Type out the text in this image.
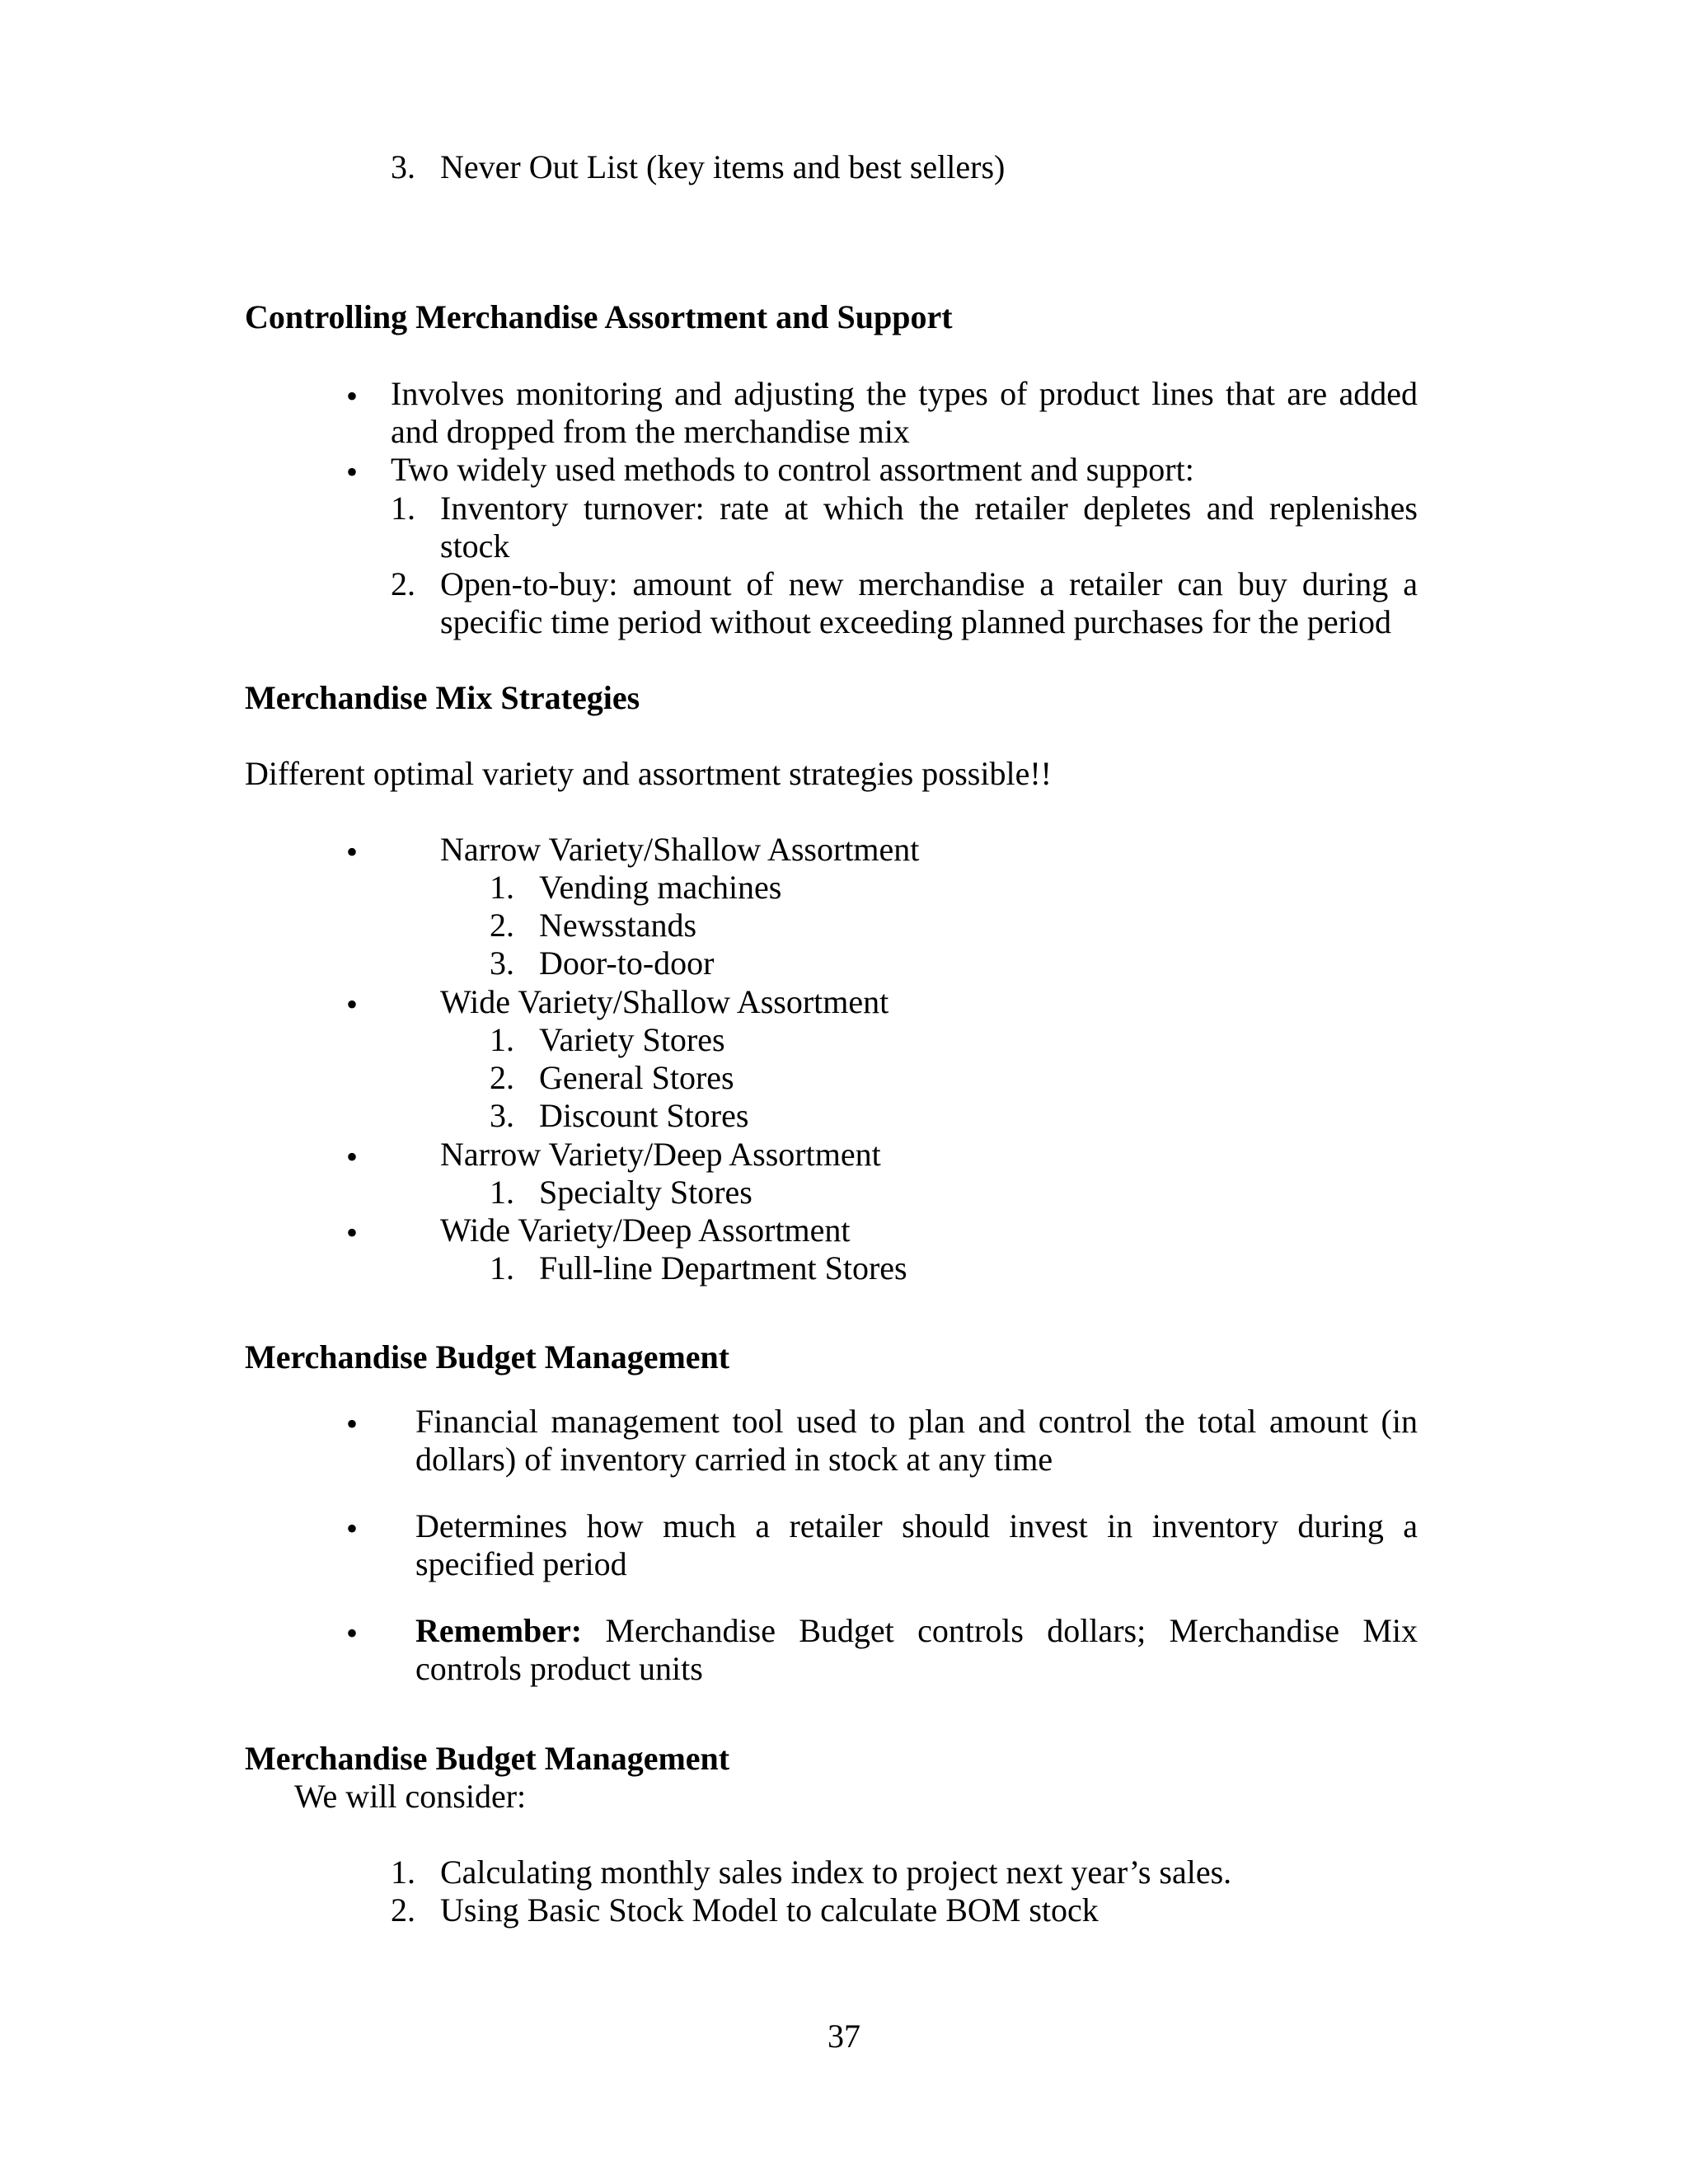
3. Never Out List (key items and best sellers)
Controlling Merchandise Assortment and Support
• Involves monitoring and adjusting the types of product lines that are added
and dropped from the merchandise mix
• Two widely used methods to control assortment and support:
1. Inventory turnover: rate at which the retailer depletes and replenishes
stock
2. Open-to-buy: amount of new merchandise a retailer can buy during a
specific time period without exceeding planned purchases for the period
Merchandise Mix Strategies
Different optimal variety and assortment strategies possible!!
• Narrow Variety/Shallow Assortment
1. Vending machines
2. Newsstands
3. Door-to-door
• Wide Variety/Shallow Assortment
1. Variety Stores
2. General Stores
3. Discount Stores
• Narrow Variety/Deep Assortment
1. Specialty Stores
• Wide Variety/Deep Assortment
1. Full-line Department Stores
Merchandise Budget Management
• Financial management tool used to plan and control the total amount (in
dollars) of inventory carried in stock at any time
• Determines how much a retailer should invest in inventory during a
specified period
• Remember: Merchandise Budget controls dollars; Merchandise Mix
controls product units
Merchandise Budget Management
We will consider:
1. Calculating monthly sales index to project next year’s sales.
2. Using Basic Stock Model to calculate BOM stock
37
